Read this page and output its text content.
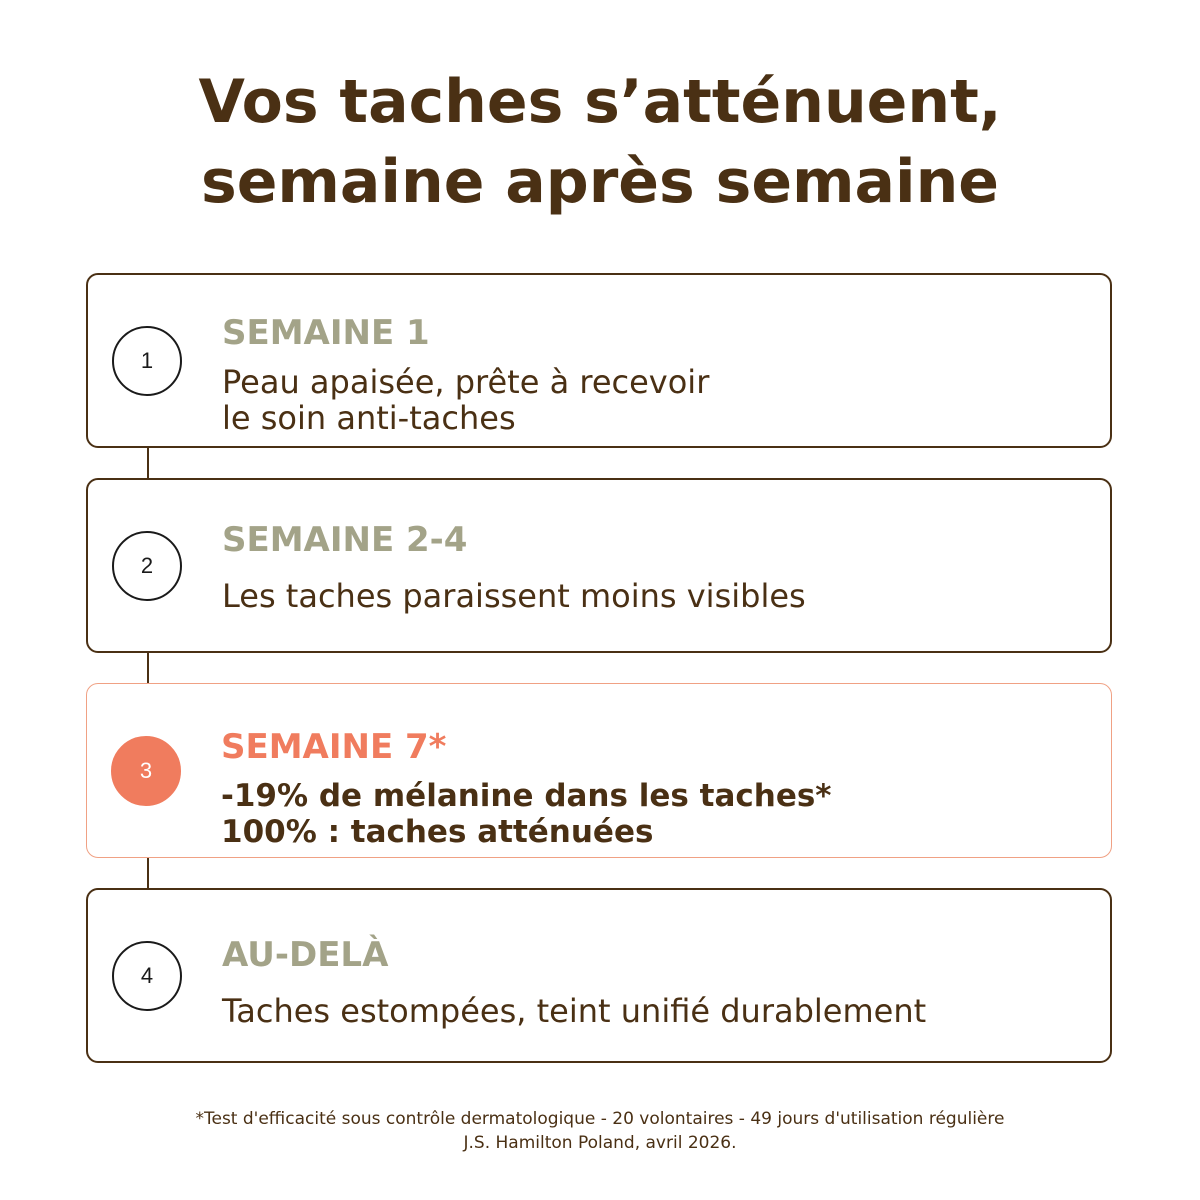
Vos taches s’atténuent,
semaine après semaine
1
SEMAINE 1
Peau apaisée, prête à recevoir
le soin anti-taches
2
SEMAINE 2-4
Les taches paraissent moins visibles
3
SEMAINE 7*
-19% de mélanine dans les taches*
100% : taches atténuées
4	AU-DELÀ
Taches estompées, teint unifié durablement
*Test d'efficacité sous contrôle dermatologique - 20 volontaires - 49 jours d'utilisation régulière
J.S. Hamilton Poland, avril 2026.
